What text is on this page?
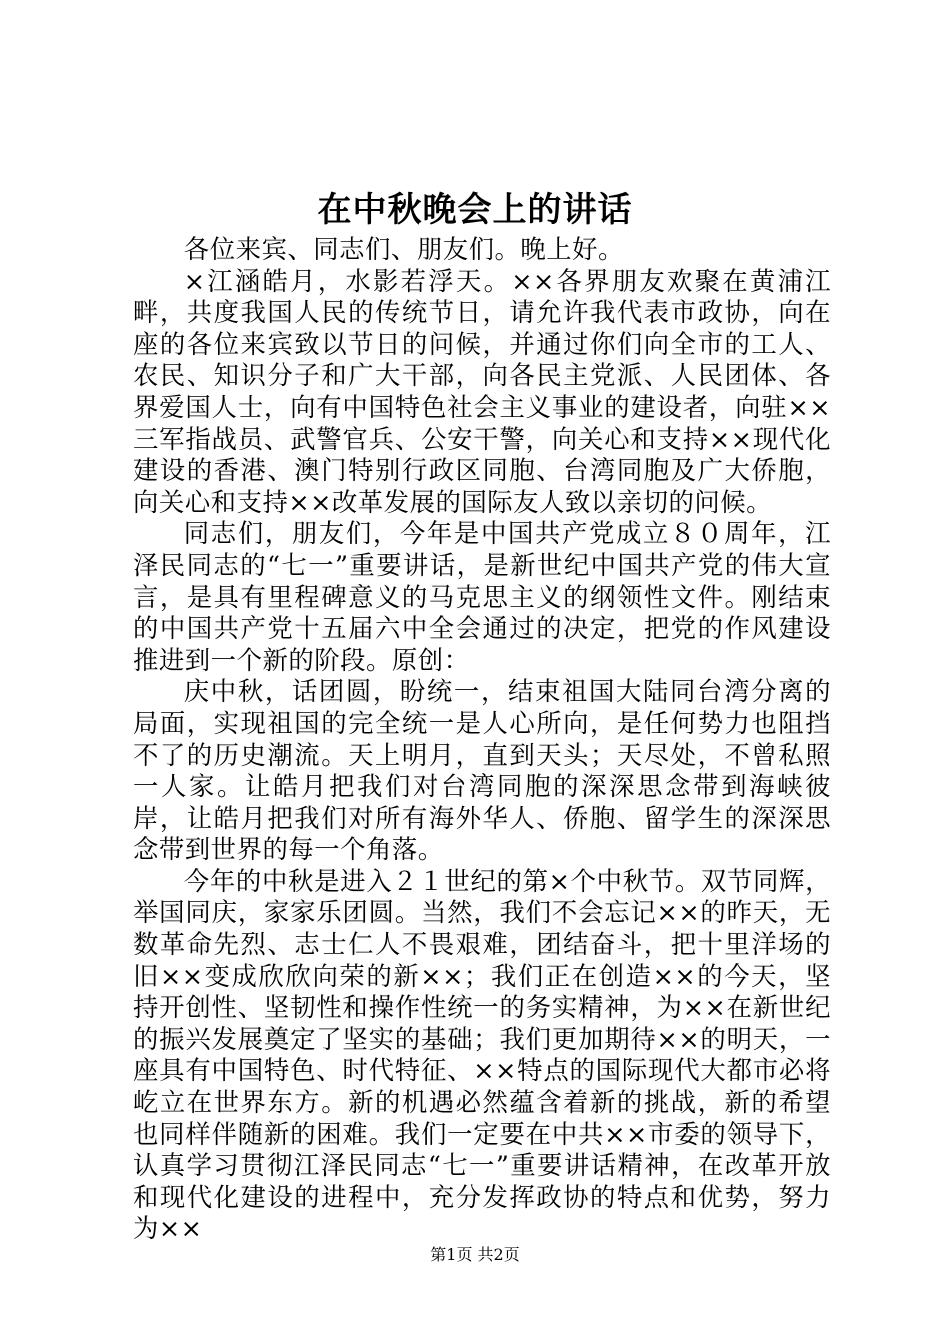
在中秋晚会上的讲话

各位来宾、同志们、朋友们。晚上好。

×江涵皓月，水影若浮天。××各界朋友欢聚在黄浦江畔，共度我国人民的传统节日，请允许我代表市政协，向在座的各位来宾致以节日的问候，并通过你们向全市的工人、农民、知识分子和广大干部，向各民主党派、人民团体、各界爱国人士，向有中国特色社会主义事业的建设者，向驻××三军指战员、武警官兵、公安干警，向关心和支持××现代化建设的香港、澳门特别行政区同胞、台湾同胞及广大侨胞，向关心和支持××改革发展的国际友人致以亲切的问候。

同志们，朋友们，今年是中国共产党成立８０周年，江泽民同志的“七一”重要讲话，是新世纪中国共产党的伟大宣言，是具有里程碑意义的马克思主义的纲领性文件。刚结束的中国共产党十五届六中全会通过的决定，把党的作风建设推进到一个新的阶段。原创：

庆中秋，话团圆，盼统一，结束祖国大陆同台湾分离的局面，实现祖国的完全统一是人心所向，是任何势力也阻挡不了的历史潮流。天上明月，直到天头；天尽处，不曾私照一人家。让皓月把我们对台湾同胞的深深思念带到海峡彼岸，让皓月把我们对所有海外华人、侨胞、留学生的深深思念带到世界的每一个角落。

今年的中秋是进入２１世纪的第×个中秋节。双节同辉，举国同庆，家家乐团圆。当然，我们不会忘记××的昨天，无数革命先烈、志士仁人不畏艰难，团结奋斗，把十里洋场的旧××变成欣欣向荣的新××；我们正在创造××的今天，坚持开创性、坚韧性和操作性统一的务实精神，为××在新世纪的振兴发展奠定了坚实的基础；我们更加期待××的明天，一座具有中国特色、时代特征、××特点的国际现代大都市必将屹立在世界东方。新的机遇必然蕴含着新的挑战，新的希望也同样伴随新的困难。我们一定要在中共××市委的领导下，认真学习贯彻江泽民同志“七一”重要讲话精神，在改革开放和现代化建设的进程中，充分发挥政协的特点和优势，努力为××

第1页 共2页
